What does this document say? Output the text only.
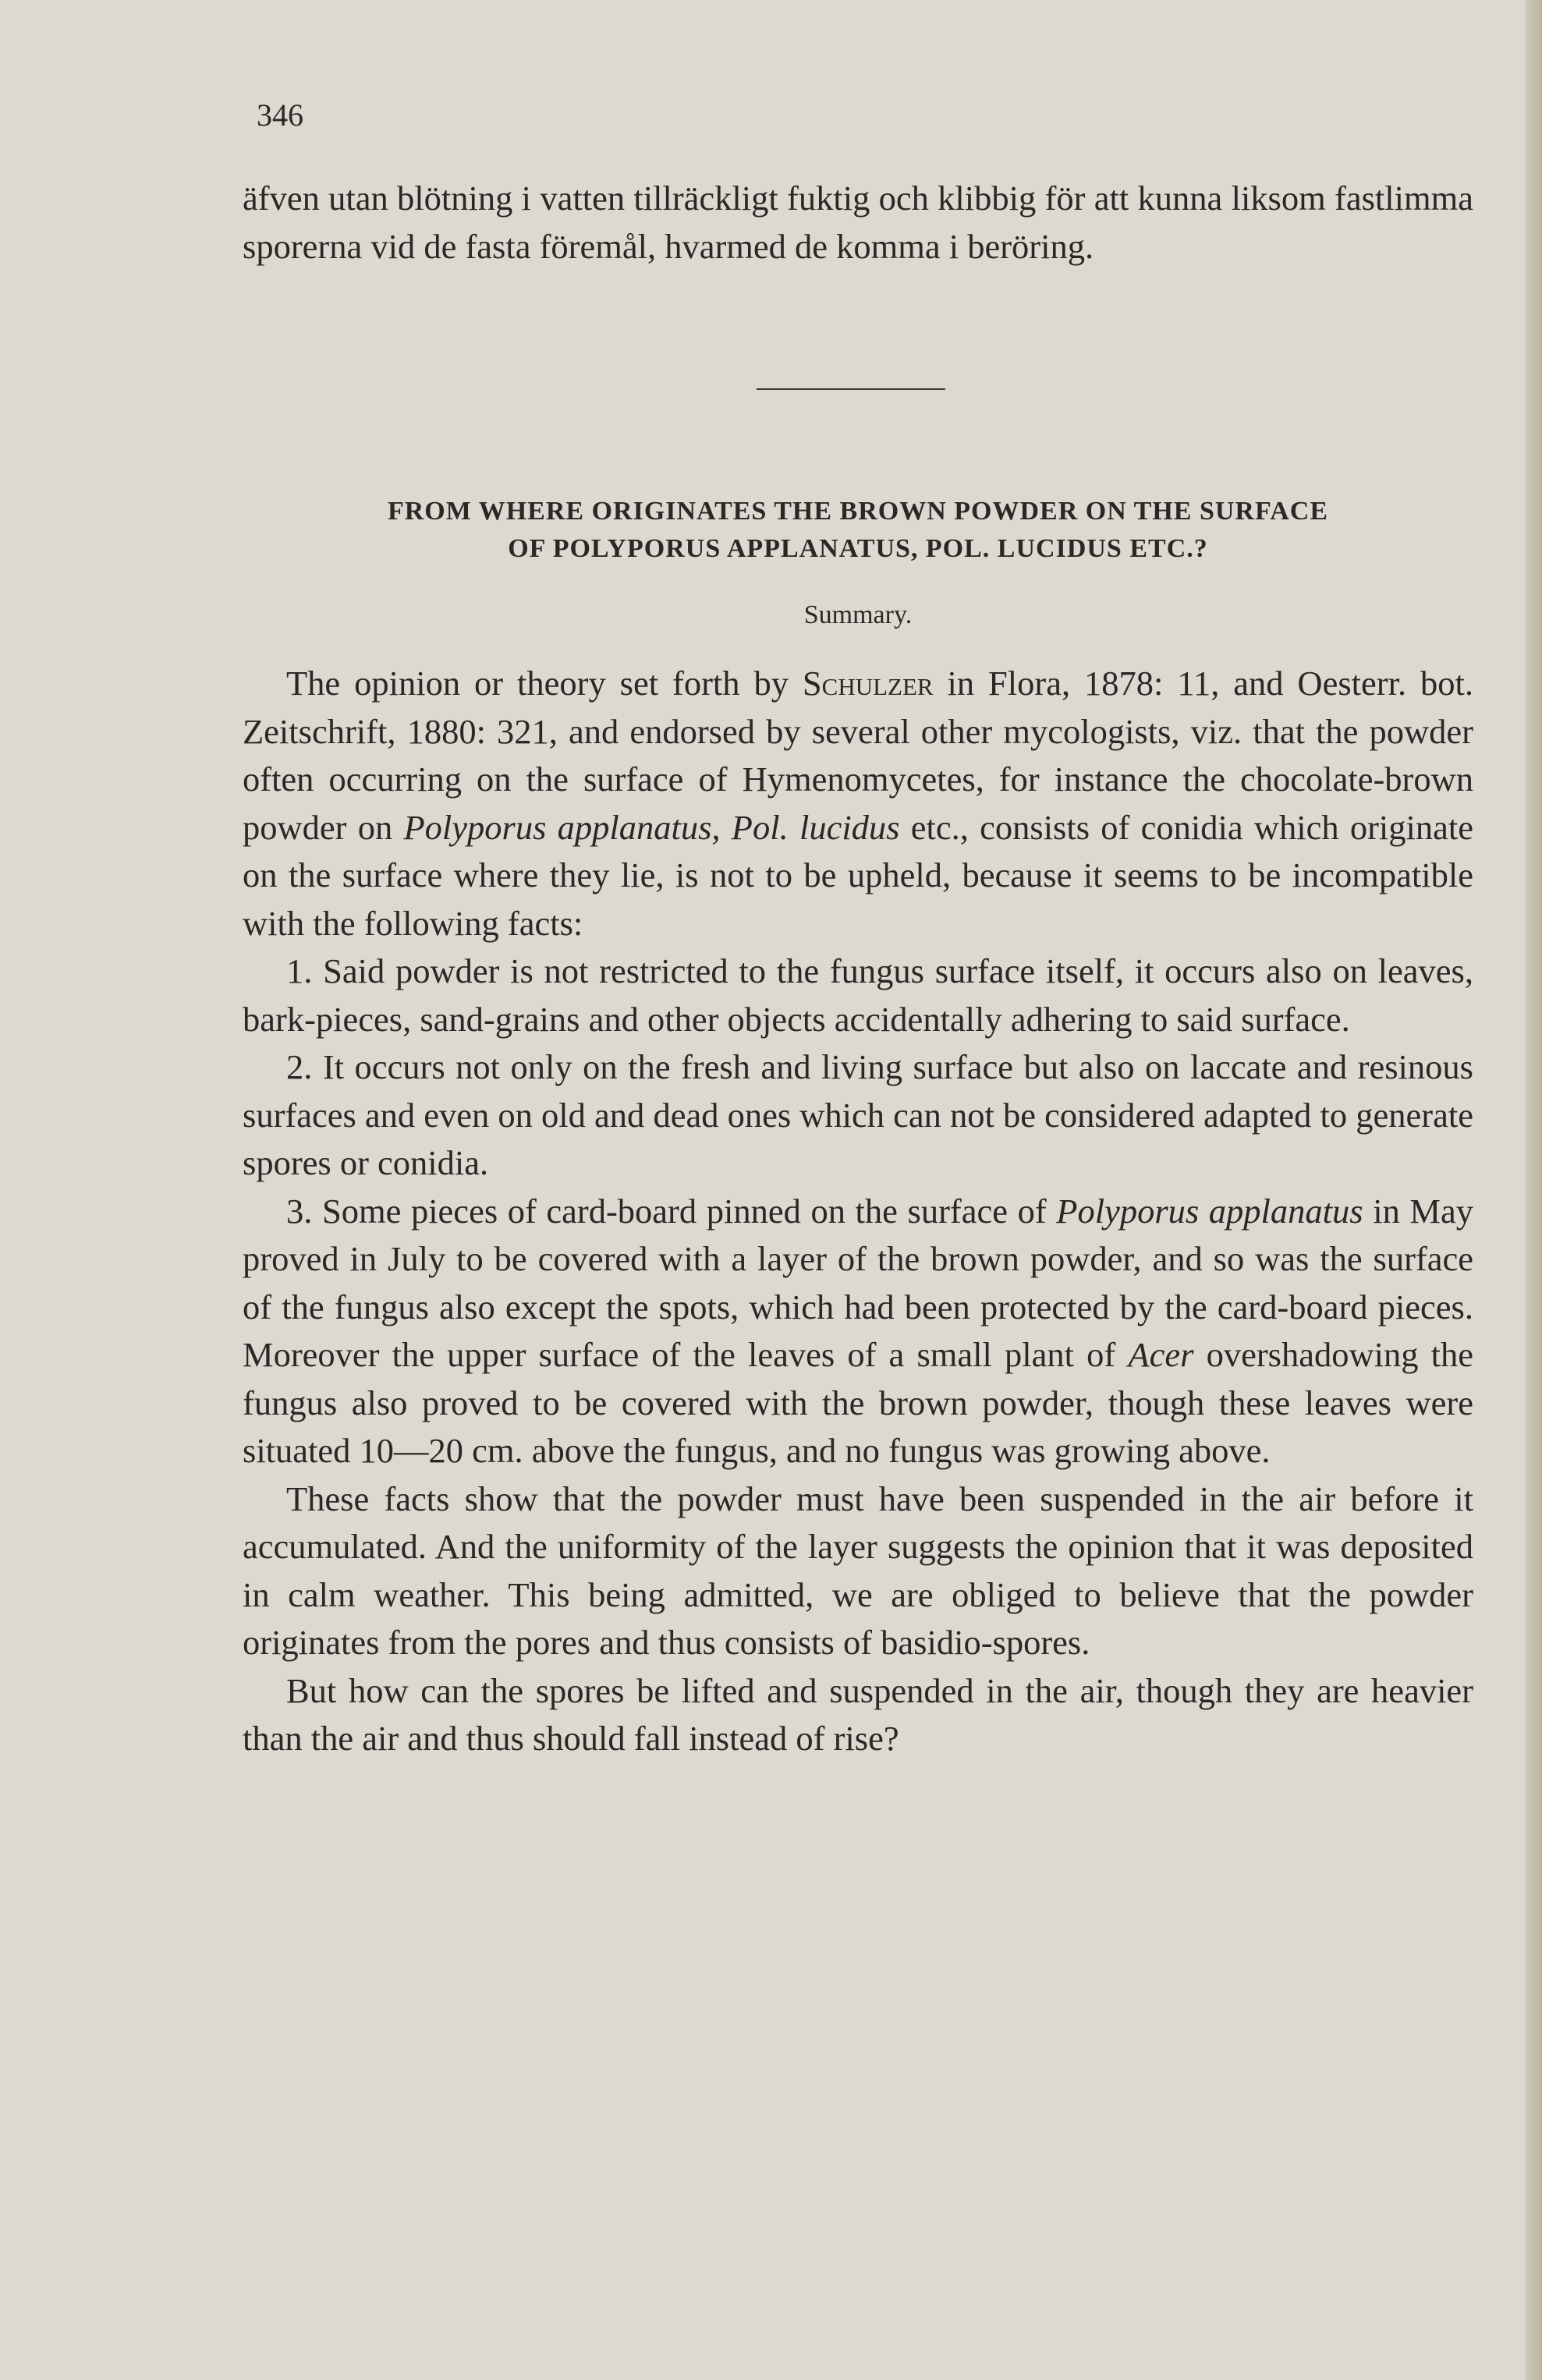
346

äfven utan blötning i vatten tillräckligt fuktig och klibbig för att kunna liksom fastlimma sporerna vid de fasta föremål, hvarmed de komma i beröring.

FROM WHERE ORIGINATES THE BROWN POWDER ON THE SURFACE
OF POLYPORUS APPLANATUS, POL. LUCIDUS ETC.?
Summary.

The opinion or theory set forth by Schulzer in Flora, 1878: 11, and Oesterr. bot. Zeitschrift, 1880: 321, and endorsed by several other mycologists, viz. that the powder often occurring on the surface of Hymenomycetes, for instance the chocolate-brown powder on Polyporus applanatus, Pol. lucidus etc., consists of conidia which originate on the surface where they lie, is not to be upheld, because it seems to be incompatible with the following facts:

1. Said powder is not restricted to the fungus surface itself, it occurs also on leaves, bark-pieces, sand-grains and other objects accidentally adhering to said surface.

2. It occurs not only on the fresh and living surface but also on laccate and resinous surfaces and even on old and dead ones which can not be considered adapted to generate spores or conidia.

3. Some pieces of card-board pinned on the surface of Polyporus applanatus in May proved in July to be covered with a layer of the brown powder, and so was the surface of the fungus also except the spots, which had been protected by the card-board pieces. Moreover the upper surface of the leaves of a small plant of Acer overshadowing the fungus also proved to be covered with the brown powder, though these leaves were situated 10—20 cm. above the fungus, and no fungus was growing above.

These facts show that the powder must have been suspended in the air before it accumulated. And the uniformity of the layer suggests the opinion that it was deposited in calm weather. This being admitted, we are obliged to believe that the powder originates from the pores and thus consists of basidio-spores.

But how can the spores be lifted and suspended in the air, though they are heavier than the air and thus should fall instead of rise?
